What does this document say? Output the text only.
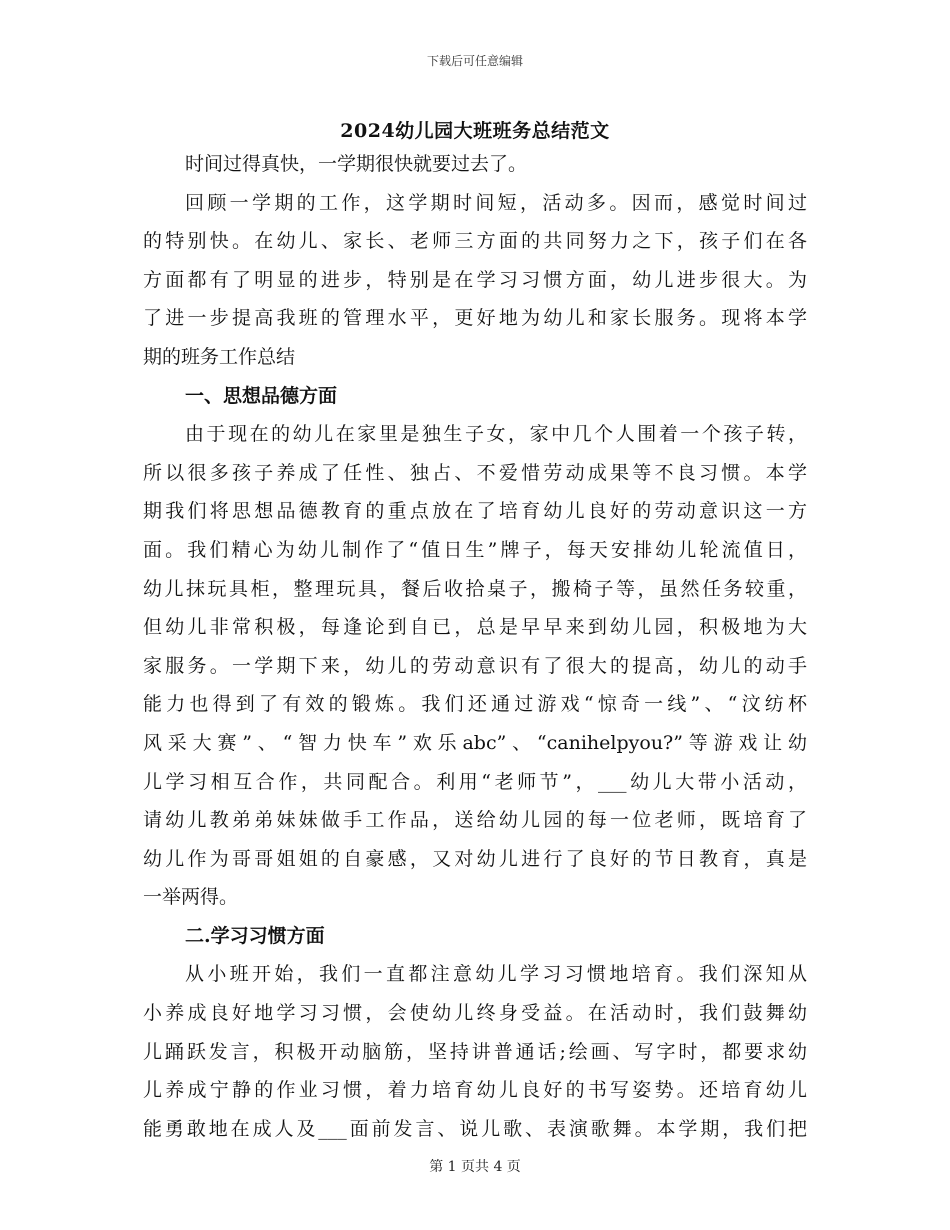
下载后可任意编辑
2024幼儿园大班班务总结范文
时间过得真快，一学期很快就要过去了。
回顾一学期的工作，这学期时间短，活动多。因而，感觉时间过
的特别快。在幼儿、家长、老师三方面的共同努力之下，孩子们在各
方面都有了明显的进步，特别是在学习习惯方面，幼儿进步很大。为
了进一步提高我班的管理水平，更好地为幼儿和家长服务。现将本学
期的班务工作总结
一、思想品德方面
由于现在的幼儿在家里是独生子女，家中几个人围着一个孩子转，
所以很多孩子养成了任性、独占、不爱惜劳动成果等不良习惯。本学
期我们将思想品德教育的重点放在了培育幼儿良好的劳动意识这一方
面。我们精心为幼儿制作了“值日生”牌子，每天安排幼儿轮流值日，
幼儿抹玩具柜，整理玩具，餐后收拾桌子，搬椅子等，虽然任务较重，
但幼儿非常积极，每逢论到自已，总是早早来到幼儿园，积极地为大
家服务。一学期下来，幼儿的劳动意识有了很大的提高，幼儿的动手
能力也得到了有效的锻炼。我们还通过游戏“惊奇一线”、“汶纺杯
风采大赛”、“智力快车”欢乐abc”、“canihelpyou?”等游戏让幼
儿学习相互合作，共同配合。利用“老师节”，___幼儿大带小活动，
请幼儿教弟弟妹妹做手工作品，送给幼儿园的每一位老师，既培育了
幼儿作为哥哥姐姐的自豪感，又对幼儿进行了良好的节日教育，真是
一举两得。
二.学习习惯方面
从小班开始，我们一直都注意幼儿学习习惯地培育。我们深知从
小养成良好地学习习惯，会使幼儿终身受益。在活动时，我们鼓舞幼
儿踊跃发言，积极开动脑筋，坚持讲普通话;绘画、写字时，都要求幼
儿养成宁静的作业习惯，着力培育幼儿良好的书写姿势。还培育幼儿
能勇敢地在成人及___面前发言、说儿歌、表演歌舞。本学期，我们把
第 1 页共 4 页
